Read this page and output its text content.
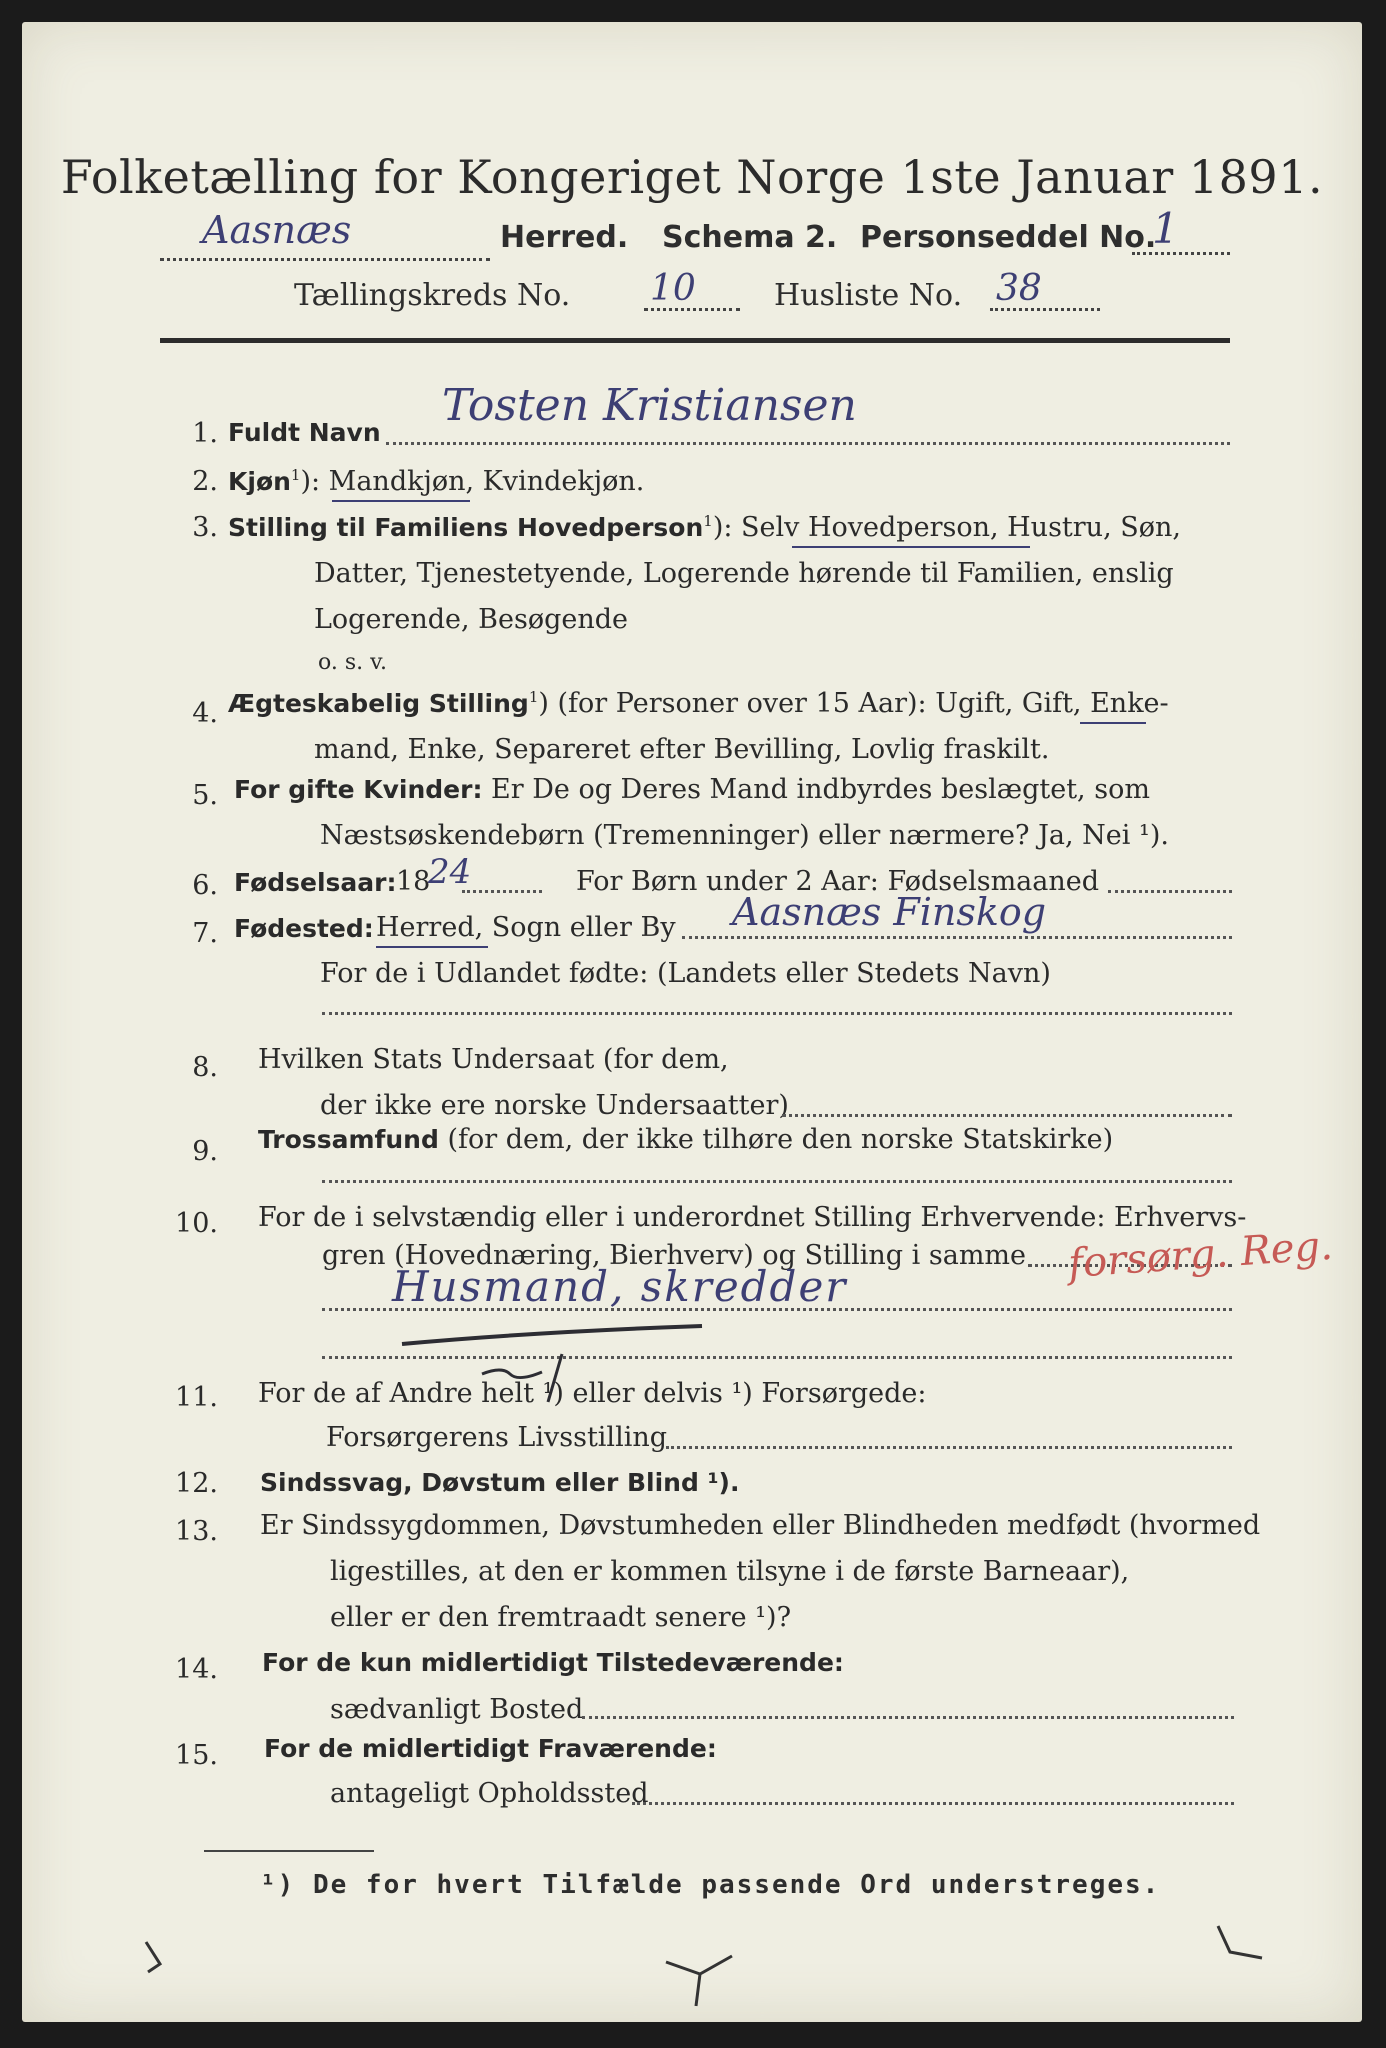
Folketælling for Kongeriget Norge 1ste Januar 1891.
Aasnæs	Herred. Schema 2. Personseddel No.
1
Tællingskreds No. 10	Husliste No. 38
1. Fuldt Navn
Tosten Kristiansen
2. Kjøn$^1$): Mandkjøn, Kvindekjøn.
3. Stilling til Familiens Hovedperson$^1$): Selv Hovedperson, Hustru, Søn,
Datter, Tjenestetyende, Logerende hørende til Familien, enslig
Logerende, Besøgende
o. s. v.
4. Ægteskabelig Stilling$^1$) (for Personer over 15 Aar): Ugift, Gift, Enke-
mand, Enke, Separeret efter Bevilling, Lovlig fraskilt.
5. For gifte Kvinder: Er De og Deres Mand indbyrdes beslægtet, som
Næstsøskendebørn (Tremenninger) eller nærmere? Ja, Nei ¹).
6. Fødselsaar: 18
24	For Børn under 2 Aar: Fødselsmaaned
7. Fødested: Herred, Sogn eller By Aasnæs Finskog
For de i Udlandet fødte: (Landets eller Stedets Navn)
8. Hvilken Stats Undersaat (for dem,
der ikke ere norske Undersaatter)
9. Trossamfund (for dem, der ikke tilhøre den norske Statskirke)
10. For de i selvstændig eller i underordnet Stilling Erhvervende: Erhvervs-
gren (Hovednæring, Bierhverv) og Stilling i samme
Husmand, skredder	forsørg. Reg.
11. For de af Andre helt ¹) eller delvis ¹) Forsørgede:
Forsørgerens Livsstilling
12. Sindssvag, Døvstum eller Blind ¹).
13. Er Sindssygdommen, Døvstumheden eller Blindheden medfødt (hvormed
ligestilles, at den er kommen tilsyne i de første Barneaar),
eller er den fremtraadt senere ¹)?
14. For de kun midlertidigt Tilstedeværende:
sædvanligt Bosted
15. For de midlertidigt Fraværende:
antageligt Opholdssted
¹) De for hvert Tilfælde passende Ord understreges.
